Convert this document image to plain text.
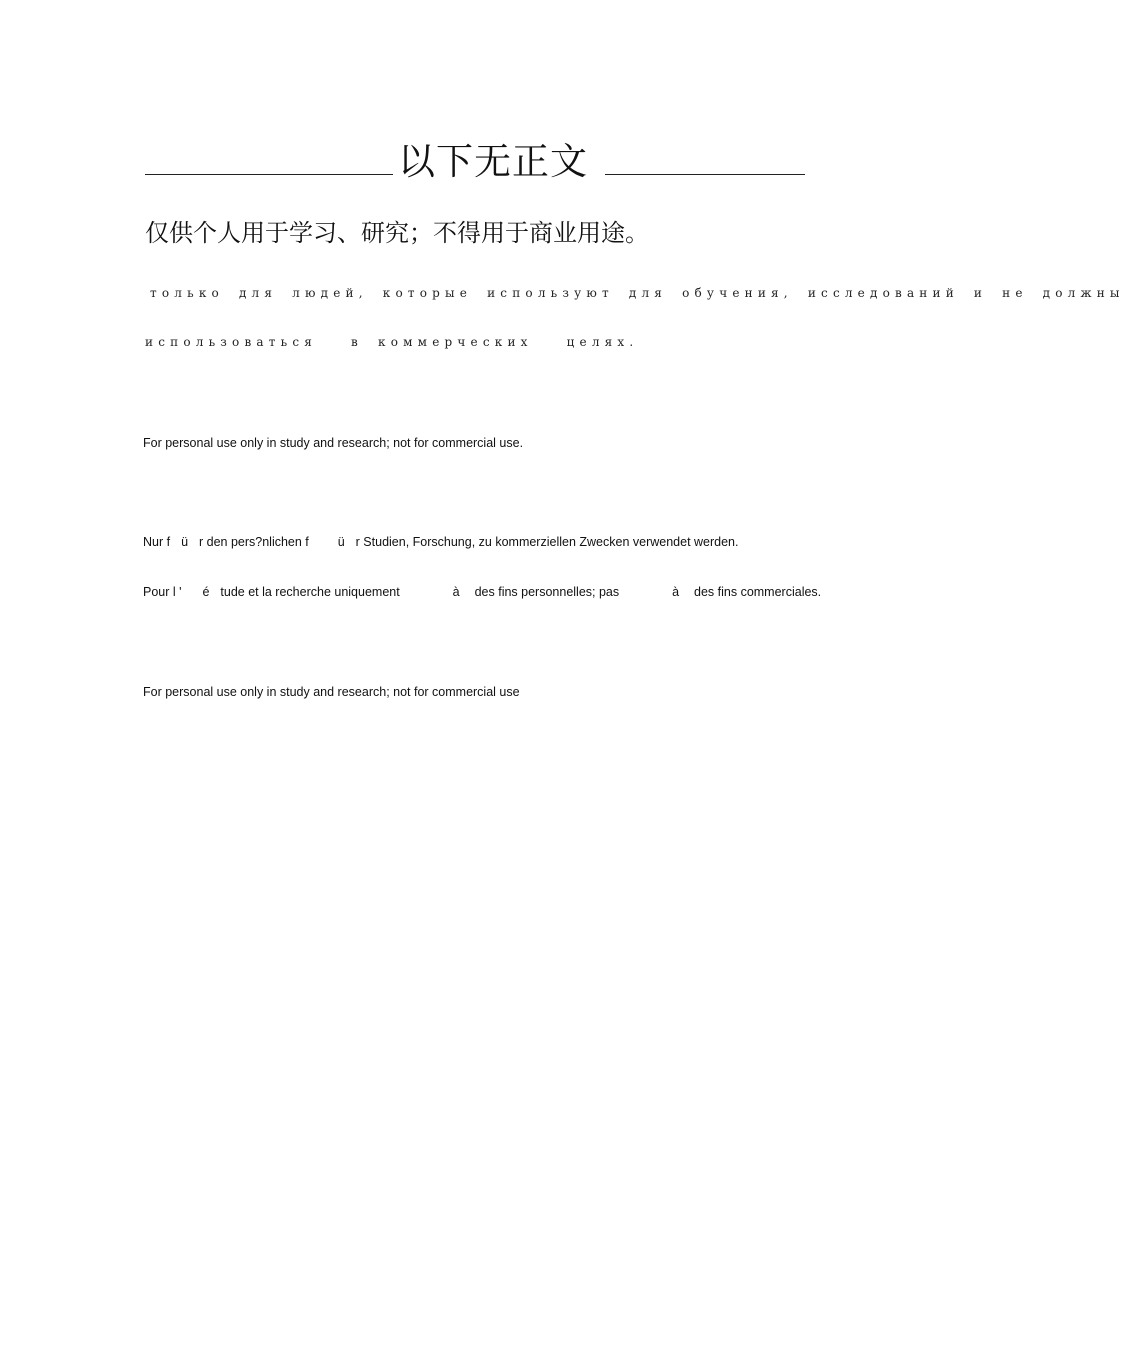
以下无正文
仅供个人用于学习、研究；不得用于商业用途。
только для людей, которые используют для обучения, исследований и не должны
использоваться	в коммерческих	целях.
For personal use only in study and research; not for commercial use.
Nur f ü r den pers?nlichen f ü r Studien, Forschung, zu kommerziellen Zwecken verwendet werden.
Pour l ' é tude et la recherche uniquement	à des fins personnelles; pas	à des fins commerciales.
For personal use only in study and research; not for commercial use
